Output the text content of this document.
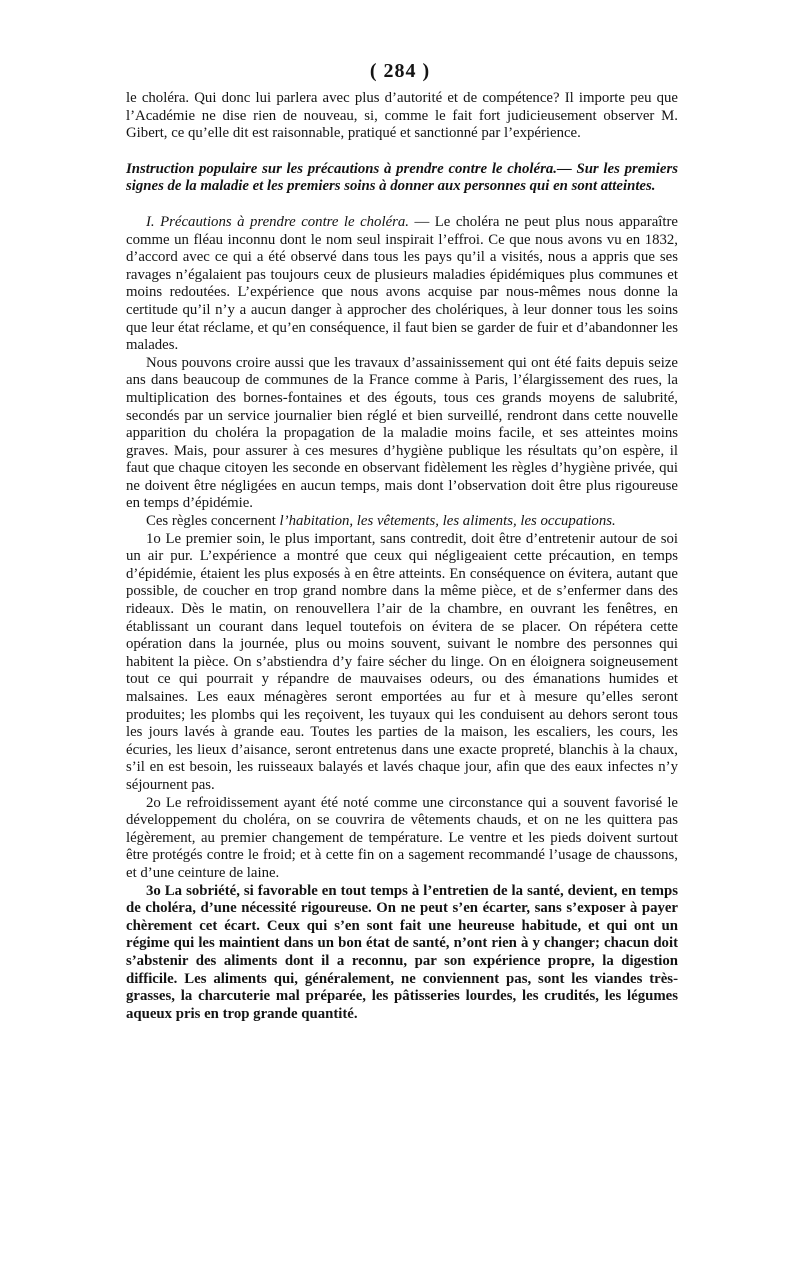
( 284 )

le choléra. Qui donc lui parlera avec plus d’autorité et de compétence? Il importe peu que l’Académie ne dise rien de nouveau, si, comme le fait fort judicieusement observer M. Gibert, ce qu’elle dit est raisonnable, pratiqué et sanctionné par l’expérience.

Instruction populaire sur les précautions à prendre contre le choléra.— Sur les premiers signes de la maladie et les premiers soins à donner aux personnes qui en sont atteintes.

I. Précautions à prendre contre le choléra. — Le choléra ne peut plus nous apparaître comme un fléau inconnu dont le nom seul inspirait l’effroi. Ce que nous avons vu en 1832, d’accord avec ce qui a été observé dans tous les pays qu’il a visités, nous a appris que ses ravages n’égalaient pas toujours ceux de plusieurs maladies épidémiques plus communes et moins redoutées. L’expérience que nous avons acquise par nous-mêmes nous donne la certitude qu’il n’y a aucun danger à approcher des cholériques, à leur donner tous les soins que leur état réclame, et qu’en conséquence, il faut bien se garder de fuir et d’abandonner les malades.

Nous pouvons croire aussi que les travaux d’assainissement qui ont été faits depuis seize ans dans beaucoup de communes de la France comme à Paris, l’élargissement des rues, la multiplication des bornes-fontaines et des égouts, tous ces grands moyens de salubrité, secondés par un service journalier bien réglé et bien surveillé, rendront dans cette nouvelle apparition du choléra la propagation de la maladie moins facile, et ses atteintes moins graves. Mais, pour assurer à ces mesures d’hygiène publique les résultats qu’on espère, il faut que chaque citoyen les seconde en observant fidèlement les règles d’hygiène privée, qui ne doivent être négligées en aucun temps, mais dont l’observation doit être plus rigoureuse en temps d’épidémie.

Ces règles concernent l’habitation, les vêtements, les aliments, les occupations.

1o Le premier soin, le plus important, sans contredit, doit être d’entretenir autour de soi un air pur. L’expérience a montré que ceux qui négligeaient cette précaution, en temps d’épidémie, étaient les plus exposés à en être atteints. En conséquence on évitera, autant que possible, de coucher en trop grand nombre dans la même pièce, et de s’enfermer dans des rideaux. Dès le matin, on renouvellera l’air de la chambre, en ouvrant les fenêtres, en établissant un courant dans lequel toutefois on évitera de se placer. On répétera cette opération dans la journée, plus ou moins souvent, suivant le nombre des personnes qui habitent la pièce. On s’abstiendra d’y faire sécher du linge. On en éloignera soigneusement tout ce qui pourrait y répandre de mauvaises odeurs, ou des émanations humides et malsaines. Les eaux ménagères seront emportées au fur et à mesure qu’elles seront produites; les plombs qui les reçoivent, les tuyaux qui les conduisent au dehors seront tous les jours lavés à grande eau. Toutes les parties de la maison, les escaliers, les cours, les écuries, les lieux d’aisance, seront entretenus dans une exacte propreté, blanchis à la chaux, s’il en est besoin, les ruisseaux balayés et lavés chaque jour, afin que des eaux infectes n’y séjournent pas.

2o Le refroidissement ayant été noté comme une circonstance qui a souvent favorisé le développement du choléra, on se couvrira de vêtements chauds, et on ne les quittera pas légèrement, au premier changement de température. Le ventre et les pieds doivent surtout être protégés contre le froid; et à cette fin on a sagement recommandé l’usage de chaussons, et d’une ceinture de laine.

3o La sobriété, si favorable en tout temps à l’entretien de la santé, devient, en temps de choléra, d’une nécessité rigoureuse. On ne peut s’en écarter, sans s’exposer à payer chèrement cet écart. Ceux qui s’en sont fait une heureuse habitude, et qui ont un régime qui les maintient dans un bon état de santé, n’ont rien à y changer; chacun doit s’abstenir des aliments dont il a reconnu, par son expérience propre, la digestion difficile. Les aliments qui, généralement, ne conviennent pas, sont les viandes très-grasses, la charcuterie mal préparée, les pâtisseries lourdes, les crudités, les légumes aqueux pris en trop grande quantité.
